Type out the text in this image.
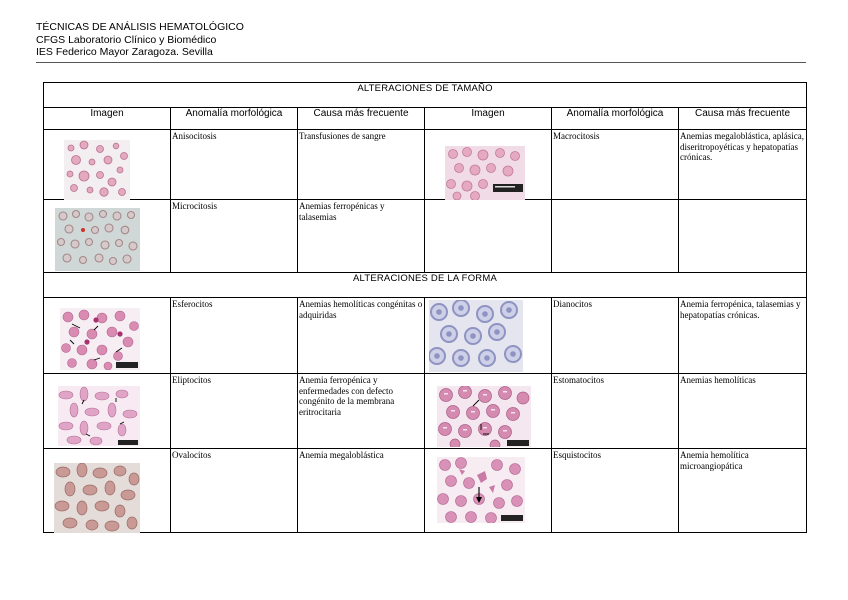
TÉCNICAS DE ANÁLISIS HEMATOLÓGICO
CFGS Laboratorio Clínico y Biomédico
IES Federico Mayor Zaragoza. Sevilla
ALTERACIONES DE TAMAÑO					
Imagen	Anomalía morfológica	Causa más frecuente	Imagen	Anomalía morfológica	Causa más frecuente

Anisocitosis	Transfusiones de sangre		Macrocitosis	Anemias megaloblástica, aplásica, diseritropoyéticas y hepatopatías crónicas.

Microcitosis	Anemias ferropénicas y talasemias			

ALTERACIONES DE LA FORMA					

Esferocitos	Anemias hemolíticas congénitas o adquiridas		Dianocitos	Anemia ferropénica, talasemias y hepatopatías crónicas.

Eliptocitos	Anemia ferropénica y enfermedades con defecto congénito de la membrana eritrocitaria		Estomatocitos	Anemias hemolíticas

Ovalocitos	Anemia megaloblástica		Esquistocitos	Anemia hemolítica microangiopática
